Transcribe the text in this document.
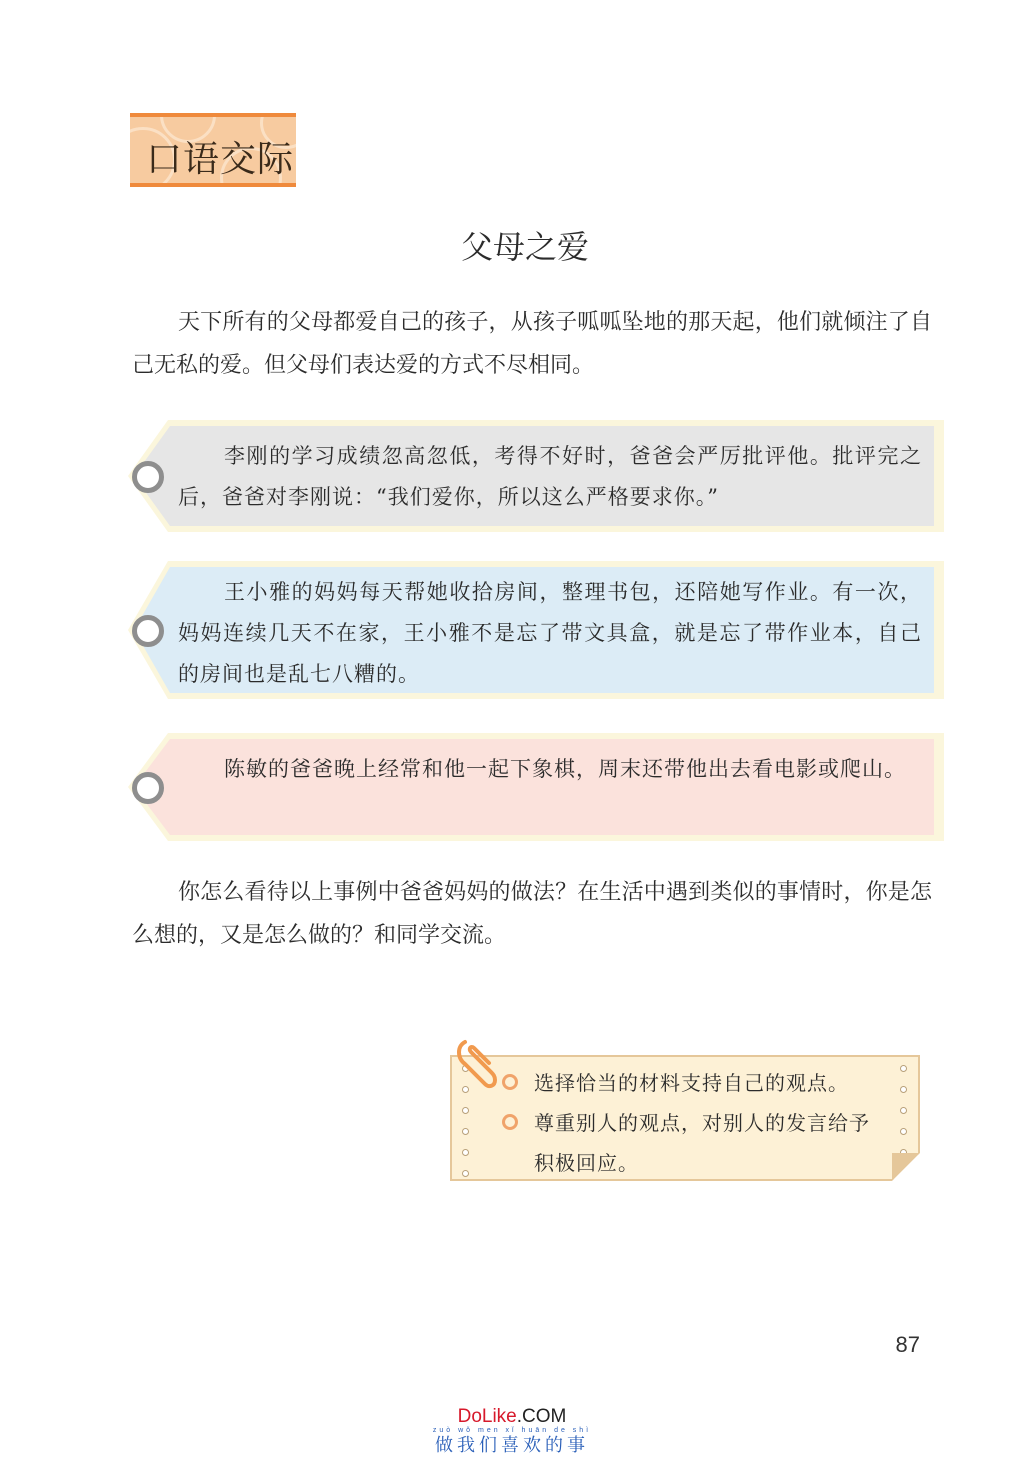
口语交际
父母之爱
天下所有的父母都爱自己的孩子，从孩子呱呱坠地的那天起，他们就倾注了自己无私的爱。但父母们表达爱的方式不尽相同。
李刚的学习成绩忽高忽低，考得不好时，爸爸会严厉批评他。批评完之后，爸爸对李刚说：“我们爱你，所以这么严格要求你。”
王小雅的妈妈每天帮她收拾房间，整理书包，还陪她写作业。有一次，妈妈连续几天不在家，王小雅不是忘了带文具盒，就是忘了带作业本，自己的房间也是乱七八糟的。
陈敏的爸爸晚上经常和他一起下象棋，周末还带他出去看电影或爬山。
你怎么看待以上事例中爸爸妈妈的做法？在生活中遇到类似的事情时，你是怎么想的，又是怎么做的？和同学交流。
选择恰当的材料支持自己的观点。
尊重别人的观点，对别人的发言给予积极回应。
87
DoLike.COM
zuò wǒ men xǐ huān de shì
做我们喜欢的事
